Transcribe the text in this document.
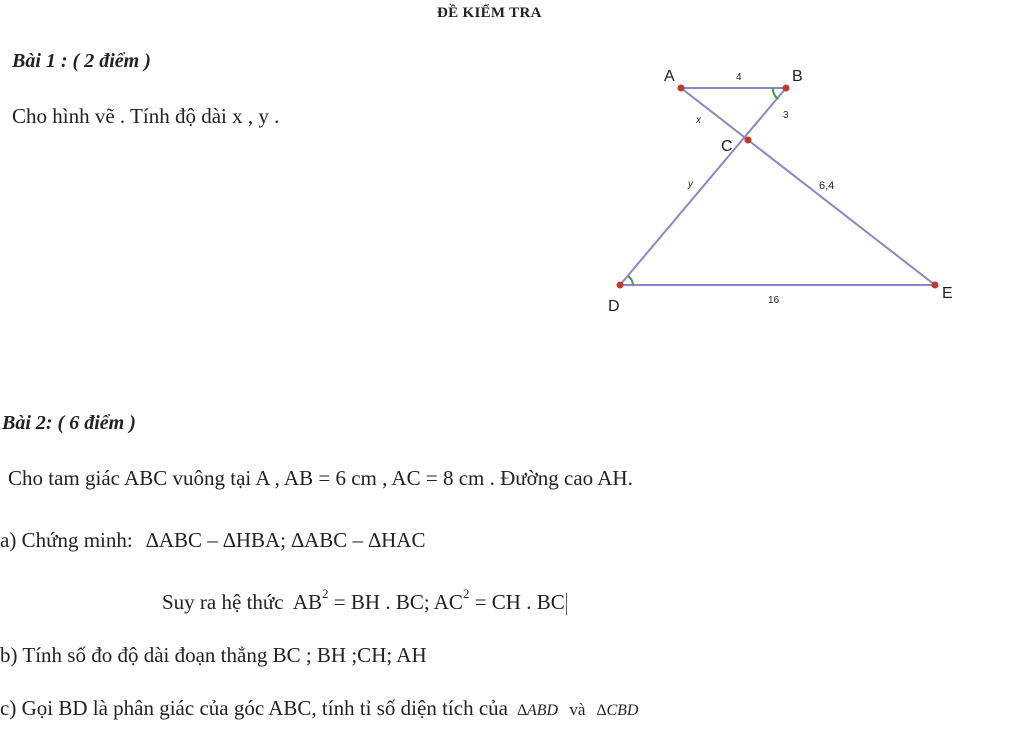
ĐỀ KIỂM TRA
Bài 1 : ( 2 điểm )
Cho hình vẽ . Tính độ dài x , y .
A	B
C
D
E
4
3
x
y	6,4
16
Bài 2: ( 6 điểm )
Cho tam giác ABC vuông tại A , AB = 6 cm , AC = 8 cm . Đường cao AH.
a) Chứng minh: ∆ABC – ∆HBA; ∆ABC – ∆HAC
Suy ra hệ thức $AB^2$ = BH . BC; $AC^2$ = CH . BC
b) Tính số đo độ dài đoạn thẳng BC ; BH ;CH; AH
c) Gọi BD là phân giác của góc ABC, tính tỉ số diện tích của ∆ABD và ∆CBD
